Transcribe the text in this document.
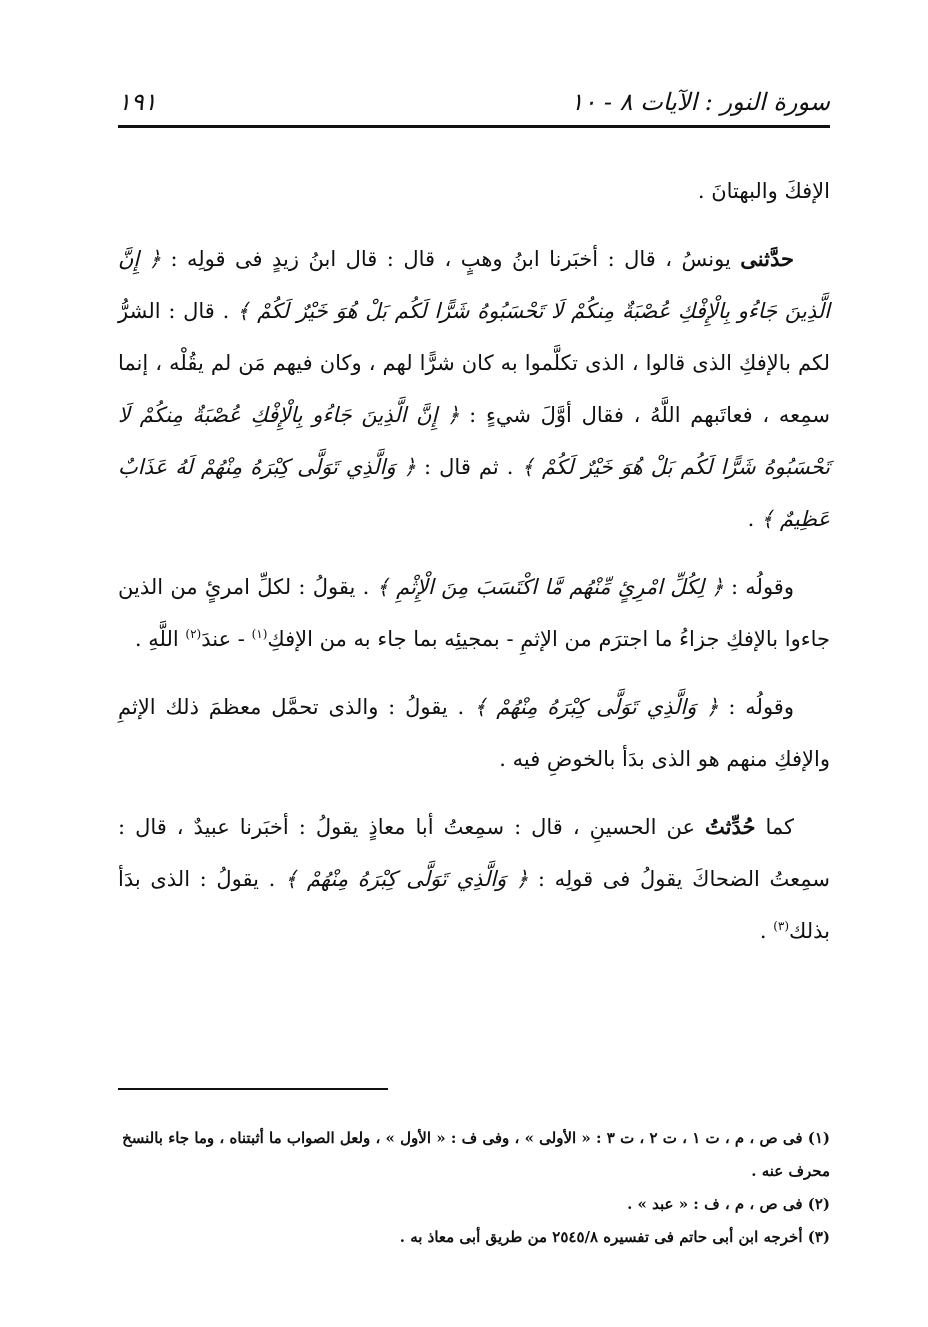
سورة النور : الآيات ٨ - ١٠
١٩١

الإفكَ والبهتانَ .

حدَّثنى يونسُ ، قال : أخبَرنا ابنُ وهبٍ ، قال : قال ابنُ زيدٍ فى قولِه : ﴿ إِنَّ الَّذِينَ جَاءُو بِالْإِفْكِ عُصْبَةٌ مِنكُمْ لَا تَحْسَبُوهُ شَرًّا لَكُم بَلْ هُوَ خَيْرٌ لَكُمْ ﴾ . قال : الشرُّ لكم بالإفكِ الذى قالوا ، الذى تكلَّموا به كان شرًّا لهم ، وكان فيهم مَن لم يقُلْه ، إنما سمِعه ، فعاتَبهم اللَّهُ ، فقال أوَّلَ شيءٍ : ﴿ إِنَّ الَّذِينَ جَاءُو بِالْإِفْكِ عُصْبَةٌ مِنكُمْ لَا تَحْسَبُوهُ شَرًّا لَكُم بَلْ هُوَ خَيْرٌ لَكُمْ ﴾ . ثم قال : ﴿ وَالَّذِي تَوَلَّى كِبْرَهُ مِنْهُمْ لَهُ عَذَابٌ عَظِيمٌ ﴾ .

وقولُه : ﴿ لِكُلِّ امْرِئٍ مِّنْهُم مَّا اكْتَسَبَ مِنَ الْإِثْمِ ﴾ . يقولُ : لكلِّ امرئٍ من الذين جاءوا بالإفكِ جزاءُ ما اجترَم من الإثمِ - بمجيئِه بما جاء به من الإفكِ$^{(١)}$ - عندَ$^{(٢)}$ اللَّهِ .

وقولُه : ﴿ وَالَّذِي تَوَلَّى كِبْرَهُ مِنْهُمْ ﴾ . يقولُ : والذى تحمَّل معظمَ ذلك الإثمِ والإفكِ منهم هو الذى بدَأ بالخوضِ فيه .

كما حُدِّثتُ عن الحسينِ ، قال : سمِعتُ أبا معاذٍ يقولُ : أخبَرنا عبيدٌ ، قال : سمِعتُ الضحاكَ يقولُ فى قولِه : ﴿ وَالَّذِي تَوَلَّى كِبْرَهُ مِنْهُمْ ﴾ . يقولُ : الذى بدَأ بذلك$^{(٣)}$ .

(١) فى ص ، م ، ت ١ ، ت ٢ ، ت ٣ : « الأولى » ، وفى ف : « الأول » ، ولعل الصواب ما أثبتناه ، وما جاء بالنسخ محرف عنه .

(٢) فى ص ، م ، ف : « عبد » .

(٣) أخرجه ابن أبى حاتم فى تفسيره ٢٥٤٥/٨ من طريق أبى معاذ به .
